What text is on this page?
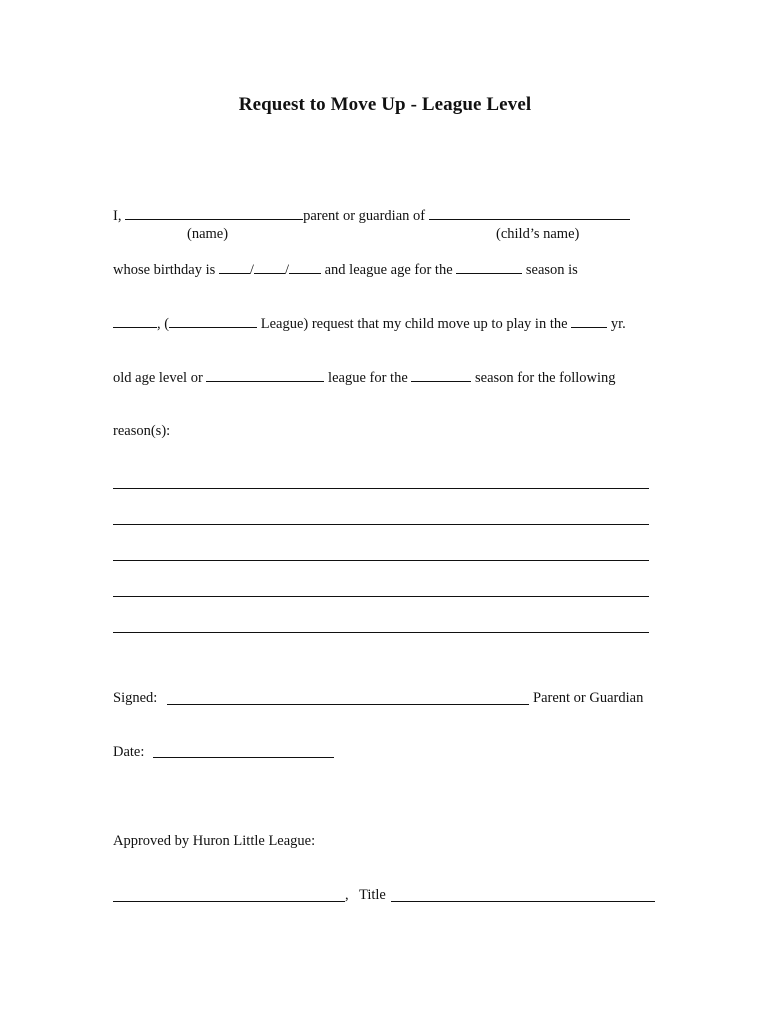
Request to Move Up - League Level
I,	parent or guardian of
(name)	(child’s name)
whose birthday is / / and league age for the	season is
, (	League) request that my child move up to play in the	yr.
old age level or	league for the	season for the following
reason(s):
Signed:	Parent or Guardian
Date:
Approved by Huron Little League:
, Title
